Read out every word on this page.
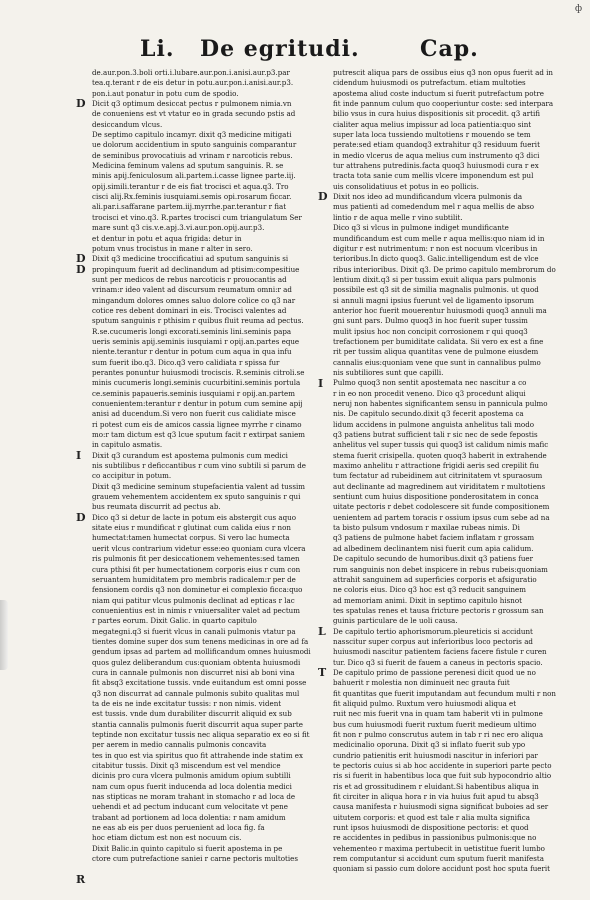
ф
Li. De egritudi.	Cap.
de.aur.pon.3.boli orti.i.lubare.aur.pon.i.anisi.aur.p3.par
tea.q.terant r de eis detur in potu.aur.pon.i.anisi.aur.p3.
pon.i.aut ponatur in potu cum de spodio.
Dicit q3 optimum desiccat pectus r pulmonem nimia.vn
de conueniens est vt vtatur eo in grada secundo pstis ad
desiccandum vlcus.
De septimo capitulo incamyr. dixit q3 medicine mitigati
ue dolorum accidentium in sputo sanguinis comparantur
de seminibus provocatiuis ad vrinam r narcoticis rebus.
Medicina feminum valens ad sputum sanguinis. R. se
minis apij.feniculosum ali.partem.i.casse lignee parte.iij.
opij.simili.terantur r de eis fiat trocisci et aqua.q3. Tro
cisci alij.Rx.feminis iusquiami.semis opi.rosarum ficcar.
ali.par.i.saffarane partem.iij.myrrhe.par.terantur r fiat
trocisci et vino.q3. R.partes trocisci cum triangulatum Ser
mare sunt q3 cis.v.e.apj.3.vi.aur.pon.opij.aur.p3.
et dentur in potu et aqua frigida: detur in
potum vnus trocistus in mane r alter in sero.
Dixit q3 medicine troccificatiui ad sputum sanguinis si
propinquum fuerit ad declinandum ad ptisim:compesitiue
sunt per medicos de rebus narcoticis r prouocantis ad
vrinam:r ideo valent ad discursum reumatum omni:r ad
mingandum dolores omnes saluo dolore colice co q3 nar
cotice res debent dominari in eis. Trocisci valentes ad
sputum sanguinis r pthisim r quibus fluit reuma ad pectus.
R.se.cucumeris longi excorati.seminis lini.seminis papa
ueris seminis apij.seminis iusquiami r opij.an.partes eque
niente.terantur r dentur in potum cum aqua in qua infu
sum fuerit ibo.q3. Dico.q3 vero calidiata r spissa fur
perantes ponuntur huiusmodi trociscis. R.seminis citroli.se
minis cucumeris longi.seminis cucurbitini.seminis portula
ce.seminis papaueris.seminis iusquiami r opij.an.partem
conuenientem:terantur r dentur in potum cum semine apij
anisi ad ducendum.Si vero non fuerit cus calidiate misce
ri potest cum eis de amicos cassia lignee myrrhe r cinamo
mo:r tam dictum est q3 lcue sputum facit r extirpat saniem
in capitulo asmatis.
Dixit q3 curandum est apostema pulmonis cum medici
nis subtilibus r deficcantibus r cum vino subtili si parum de
co accipitur in potum.
Dixit q3 medicine seminum stupefacientia valent ad tussim
grauem vehementem accidentem ex sputo sanguinis r qui
bus reumata discurrit ad pectus ab.
Dico q3 si detur de lacte in potum eis abstergit cus aquo
sitate eius r mundificat r glutinat cum calida eius r non
humectat:tamen humectat corpus. Si vero lac humecta
uerit vlcus contrarium videtur esse:eo quoniam cura vlcera
ris pulmonis fit per desiccationem vehementes:sed tamen
cura pthisi fit per humectationem corporis eius r cum con
seruantem humiditatem pro membris radicalem:r per de
fensionem cordis q3 non dominetur ei complexio ficca:quo
niam qui patitur vlcus pulmonis declinat ad epticas r lac
conuenientius est in nimis r vniuersaliter valet ad pectum
r partes eorum. Dixit Galic. in quarto capitulo
megategni.q3 si fuerit vlcus in canali pulmonis vtatur pa
tientes domine super dos sum tenens medicinas in ore ad fa
gendum ipsas ad partem ad mollificandum omnes huiusmodi
quos gulez deliberandum cus:quoniam obtenta huiusmodi
cura in cannale pulmonis non discurret nisi ab boni vina
fit absq3 excitatione tussis. vnde euitandum est omni posse
q3 non discurrat ad cannale pulmonis subito qualitas mul
ta de eis ne inde excitatur tussis: r non nimis. vident
est tussis. vnde dum durabiliter discurrit aliquid ex sub
stantia cannalis pulmonis fuerit discurrit aqua super parte
teptinde non excitatur tussis nec aliqua separatio ex eo si fit
per aerem in medio cannalis pulmonis concavita
tes in quo est via spiritus quo fit attrahende inde statim ex
citabitur tussis. Dixit q3 miscendum est vel mendice
dicinis pro cura vlcera pulmonis amidum opium subtilli
nam cum opus fuerit inducenda ad loca dolentia medici
nas stipticas ne moram trahant in stomacho r ad loca de
uehendi et ad pectum inducant cum velocitate vt pene
trabant ad portionem ad loca dolentia: r nam amidum
ne eas ab eis per duos peruenient ad loca fig. fa
hoc etiam dictum est non est nocuum cis.
Dixit Balic.in quinto capitulo si fuerit apostema in pe
ctore cum putrefactione saniei r carne pectoris multoties
putrescit aliqua pars de ossibus eius q3 non opus fuerit ad in
cidendum huiusmodi os putrefactum. etiam multoties
apostema aliud coste inductum si fuerit putrefactum potre
fit inde pannum culum quo cooperiuntur coste: sed interpara
bilio vsus in cura huius dispositionis sit procedit. q3 artifi
cialiter aqua melius impissur ad loca patientia:quo sint
super lata loca tussiendo multotiens r mouendo se tem
perate:sed etiam quandoq3 extrahitur q3 residuum fuerit
in medio vlcerus de aqua melius cum instrumento q3 dici
tur attrahens putredinis.facta quoq3 huiusmodi cura r ex
tracta tota sanie cum mellis vlcere imponendum est pul
uis consolidatiuus et potus in eo pollicis.
Dixit nos ideo ad mundificandum vlcera pulmonis da
mus patienti ad comedendum mel r aqua mellis de abso
lintio r de aqua melle r vino subtilit.
Dico q3 si vlcus in pulmone indiget mundificante
mundificandum est cum melle r aqua mellis:quo niam id in
digitur r est nutrimentum: r non est nocuum vlceribus in
terioribus.In dicto quoq3. Galic.intelligendum est de vlce
ribus interioribus. Dixit q3. De primo capitulo membrorum do
lentium dixit.q3 si per tussim exuit aliqua pars pulmonis
possibile est q3 sit de similia magnalis pulmonis. ut quod
si annuli magni ipsius fuerunt vel de ligamento ipsorum
anterior hoc fuerit mouerentur huiusmodi quoq3 annuli ma
gni sunt pars. Dulmo quoq3 in hoc fuerit super tussim
mulit ipsius hoc non concipit corrosionem r qui quoq3
trefactionem per bumiditate calidata. Sii vero ex est a fine
rit per tussim aliqua quantitas vene de pulmone eiusdem
cannalis eius:quoniam vene que sunt in cannalibus pulmo
nis subtiliores sunt que capilli.
Pulmo quoq3 non sentit apostemata nec nascitur a co
r in eo non procedit veneno. Dico q3 procedunt aliqui
neruj non habentes significantem sensu in pannicula pulmo
nis. De capitulo secundo.dixit q3 fecerit apostema ca
lidum accidens in pulmone anguista anhelitus tali modo
q3 patiens butrat sufficient tali r sic nec de sede fepostis
anhelitus vel super tussis qui quoq3 ist calidum nimis mafic
stema fuerit crisipella. quoten quoq3 haberit in extrahende
maximo anhelitu r attractione frigidi aeris sed crepilit fiu
tum fectatur ad rubeidinem aut citrinitatem vt spuraosum
aut declinante ad magredinem aut viriditatem r multotiens
sentiunt cum huius dispositione ponderositatem in conca
uitate pectoris r debet codolescere sit funde compositionem
uenientem ad partem toracis r ossium ipsus cum sebe ad na
ta bisto pulsum vndosum r maxilae rubeas nimis. Di
q3 patiens de pulmone habet faciem inflatam r grossam
ad albedinem declinantem nisi fuerit cum apia calidum.
De capitulo secundo de humoribus.dixit q3 patiens fuer
rum sanguinis non debet inspicere in rebus rubeis:quoniam
attrahit sanguinem ad superficies corporis et afsiguratio
ne coloris eius. Dico q3 hoc est q3 reducit sanguinem
ad memoriam animi. Dixit in septimo capitulo hisnot
tes spatulas renes et tausa fricture pectoris r grossum san
guinis particulare de le uoli causa.
De capitulo tertio aphorismorum.pleureticis si accidunt
nasscitur super corpus aut inferioribus loco pectoris ad
huiusmodi nascitur patientem faciens facere fistule r curen
tur. Dico q3 si fuerit de fauem a caneus in pectoris spacio.
De capitulo primo de passione perenesi dicit quod ue no
bahuerit r molestia non diminueit nec grauta fuit
fit quantitas que fuerit imputandam aut fecundum multi r non
fit aliquid pulmo. Ruxtum vero huiusmodi aliqua et
ruit nec mis fuerit vna in quam tam haberit vti in pulmone
bus cum huiusmodi fuerit ruxtum fuerit medieum ultimo
fit non r pulmo conscrutus autem in tab r ri nec ero aliqua
medicinalio oporuna. Dixit q3 si inflato fuerit sub ypo
cundrio patienitis erit huiusmodi nascitur in inferiori par
te pectoris cuius si ab hoc accidente in superiori parte pecto
ris si fuerit in habentibus loca que fuit sub hypocondrio altio
ris et ad grossitudinem r eluidant.Si habentibus aliqua in
fit circiter in aliqua hora r in via huius fuit apud tu absq3
causa manifesta r huiusmodi signa significat buboies ad ser
uitutem corporis: et quod est tale r alia multa significa
runt ipsos huiusmodi de dispositione pectoris: et quod
re accidentes in pedibus in passionibus pulmonis:que no
vehementeo r maxima pertubecit in uetistitue fuerit lumbo
rem computantur si accidunt cum sputum fuerit manifesta
quoniam si passio cum dolore accidunt post hoc sputa fuerit
D
D
D
I
D
R
D
I
L
T
